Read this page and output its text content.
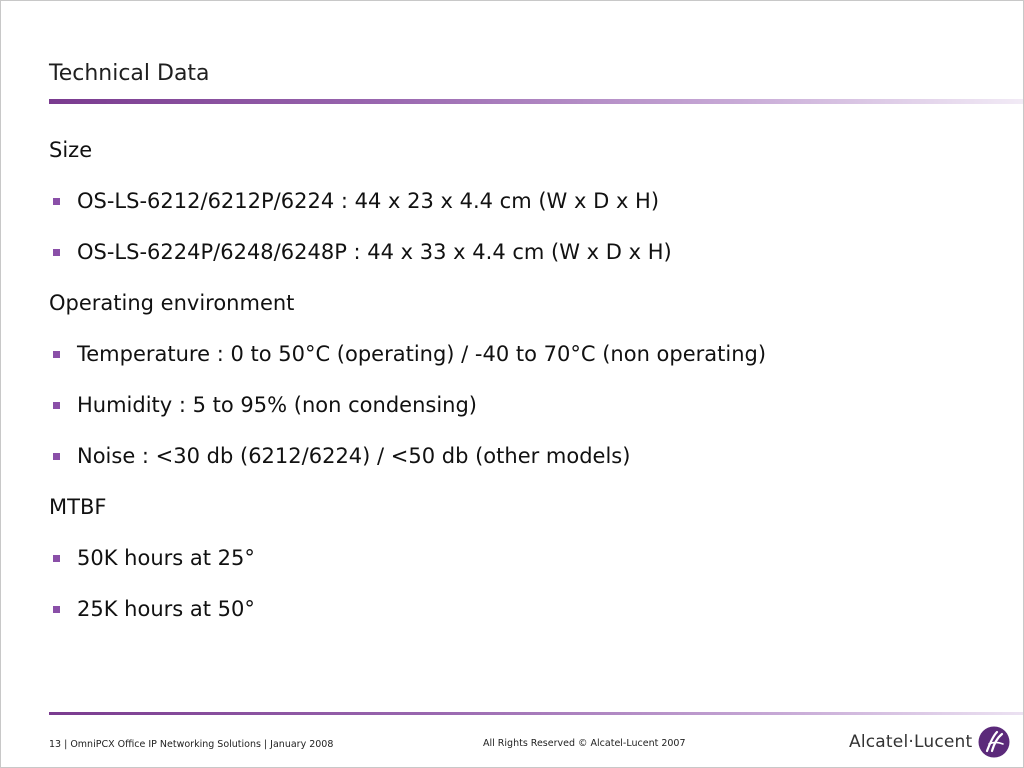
Technical Data
Size
OS-LS-6212/6212P/6224 : 44 x 23 x 4.4 cm (W x D x H)
OS-LS-6224P/6248/6248P : 44 x 33 x 4.4 cm (W x D x H)
Operating environment
Temperature : 0 to 50°C (operating) / -40 to 70°C (non operating)
Humidity : 5 to 95% (non condensing)
Noise : <30 db (6212/6224) / <50 db (other models)
MTBF
50K hours at 25°
25K hours at 50°
13 | OmniPCX Office IP Networking Solutions | January 2008	All Rights Reserved © Alcatel-Lucent 2007	Alcatel·Lucent
